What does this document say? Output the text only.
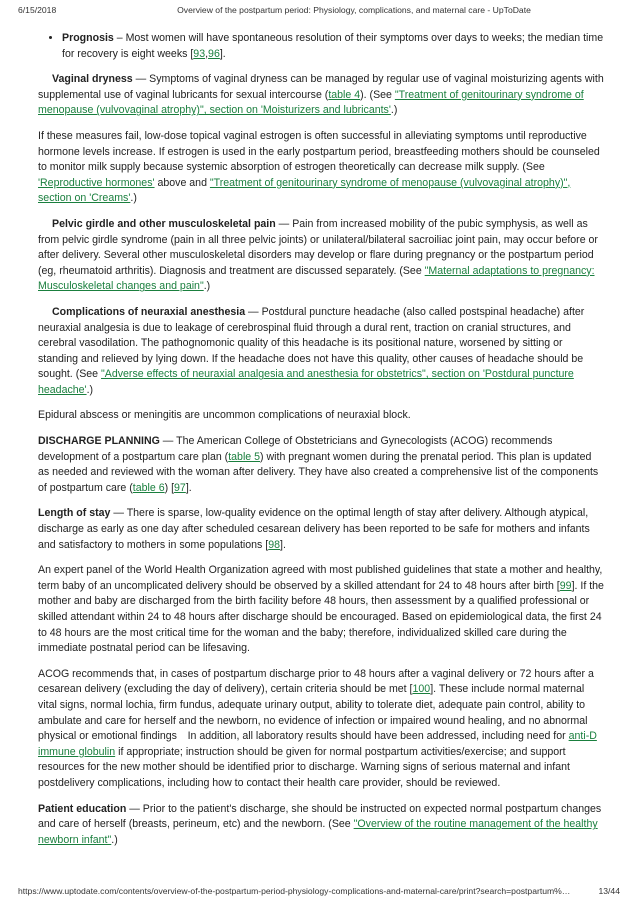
6/15/2018	Overview of the postpartum period: Physiology, complications, and maternal care - UpToDate
• Prognosis – Most women will have spontaneous resolution of their symptoms over days to weeks; the median time for recovery is eight weeks [93,96].

Vaginal dryness — Symptoms of vaginal dryness can be managed by regular use of vaginal moisturizing agents with supplemental use of vaginal lubricants for sexual intercourse (table 4). (See "Treatment of genitourinary syndrome of menopause (vulvovaginal atrophy)", section on 'Moisturizers and lubricants'.)

If these measures fail, low-dose topical vaginal estrogen is often successful in alleviating symptoms until reproductive hormone levels increase. If estrogen is used in the early postpartum period, breastfeeding mothers should be counseled to monitor milk supply because systemic absorption of estrogen theoretically can decrease milk supply. (See 'Reproductive hormones' above and "Treatment of genitourinary syndrome of menopause (vulvovaginal atrophy)", section on 'Creams'.)

Pelvic girdle and other musculoskeletal pain — Pain from increased mobility of the pubic symphysis, as well as from pelvic girdle syndrome (pain in all three pelvic joints) or unilateral/bilateral sacroiliac joint pain, may occur before or after delivery. Several other musculoskeletal disorders may develop or flare during pregnancy or the postpartum period (eg, rheumatoid arthritis). Diagnosis and treatment are discussed separately. (See "Maternal adaptations to pregnancy: Musculoskeletal changes and pain".)

Complications of neuraxial anesthesia — Postdural puncture headache (also called postspinal headache) after neuraxial analgesia is due to leakage of cerebrospinal fluid through a dural rent, traction on cranial structures, and cerebral vasodilation. The pathognomonic quality of this headache is its positional nature, worsened by sitting or standing and relieved by lying down. If the headache does not have this quality, other causes of headache should be sought. (See "Adverse effects of neuraxial analgesia and anesthesia for obstetrics", section on 'Postdural puncture headache'.)

Epidural abscess or meningitis are uncommon complications of neuraxial block.

DISCHARGE PLANNING — The American College of Obstetricians and Gynecologists (ACOG) recommends development of a postpartum care plan (table 5) with pregnant women during the prenatal period. This plan is updated as needed and reviewed with the woman after delivery. They have also created a comprehensive list of the components of postpartum care (table 6) [97].

Length of stay — There is sparse, low-quality evidence on the optimal length of stay after delivery. Although atypical, discharge as early as one day after scheduled cesarean delivery has been reported to be safe for mothers and infants and satisfactory to mothers in some populations [98].

An expert panel of the World Health Organization agreed with most published guidelines that state a mother and healthy, term baby of an uncomplicated delivery should be observed by a skilled attendant for 24 to 48 hours after birth [99]. If the mother and baby are discharged from the birth facility before 48 hours, then assessment by a qualified professional or skilled attendant within 24 to 48 hours after discharge should be encouraged. Based on epidemiological data, the first 24 to 48 hours are the most critical time for the woman and the baby; therefore, individualized skilled care during the immediate postnatal period can be lifesaving.

ACOG recommends that, in cases of postpartum discharge prior to 48 hours after a vaginal delivery or 72 hours after a cesarean delivery (excluding the day of delivery), certain criteria should be met [100]. These include normal maternal vital signs, normal lochia, firm fundus, adequate urinary output, ability to tolerate diet, adequate pain control, ability to ambulate and care for herself and the newborn, no evidence of infection or impaired wound healing, and no abnormal physical or emotional findings In addition, all laboratory results should have been addressed, including need for anti-D immune globulin if appropriate; instruction should be given for normal postpartum activities/exercise; and support resources for the new mother should be identified prior to discharge. Warning signs of serious maternal and infant postdelivery complications, including how to contact their health care provider, should be reviewed.

Patient education — Prior to the patient's discharge, she should be instructed on expected normal postpartum changes and care of herself (breasts, perineum, etc) and the newborn. (See "Overview of the routine management of the healthy newborn infant".)

https://www.uptodate.com/contents/overview-of-the-postpartum-period-physiology-complications-and-maternal-care/print?search=postpartum%…	13/44
